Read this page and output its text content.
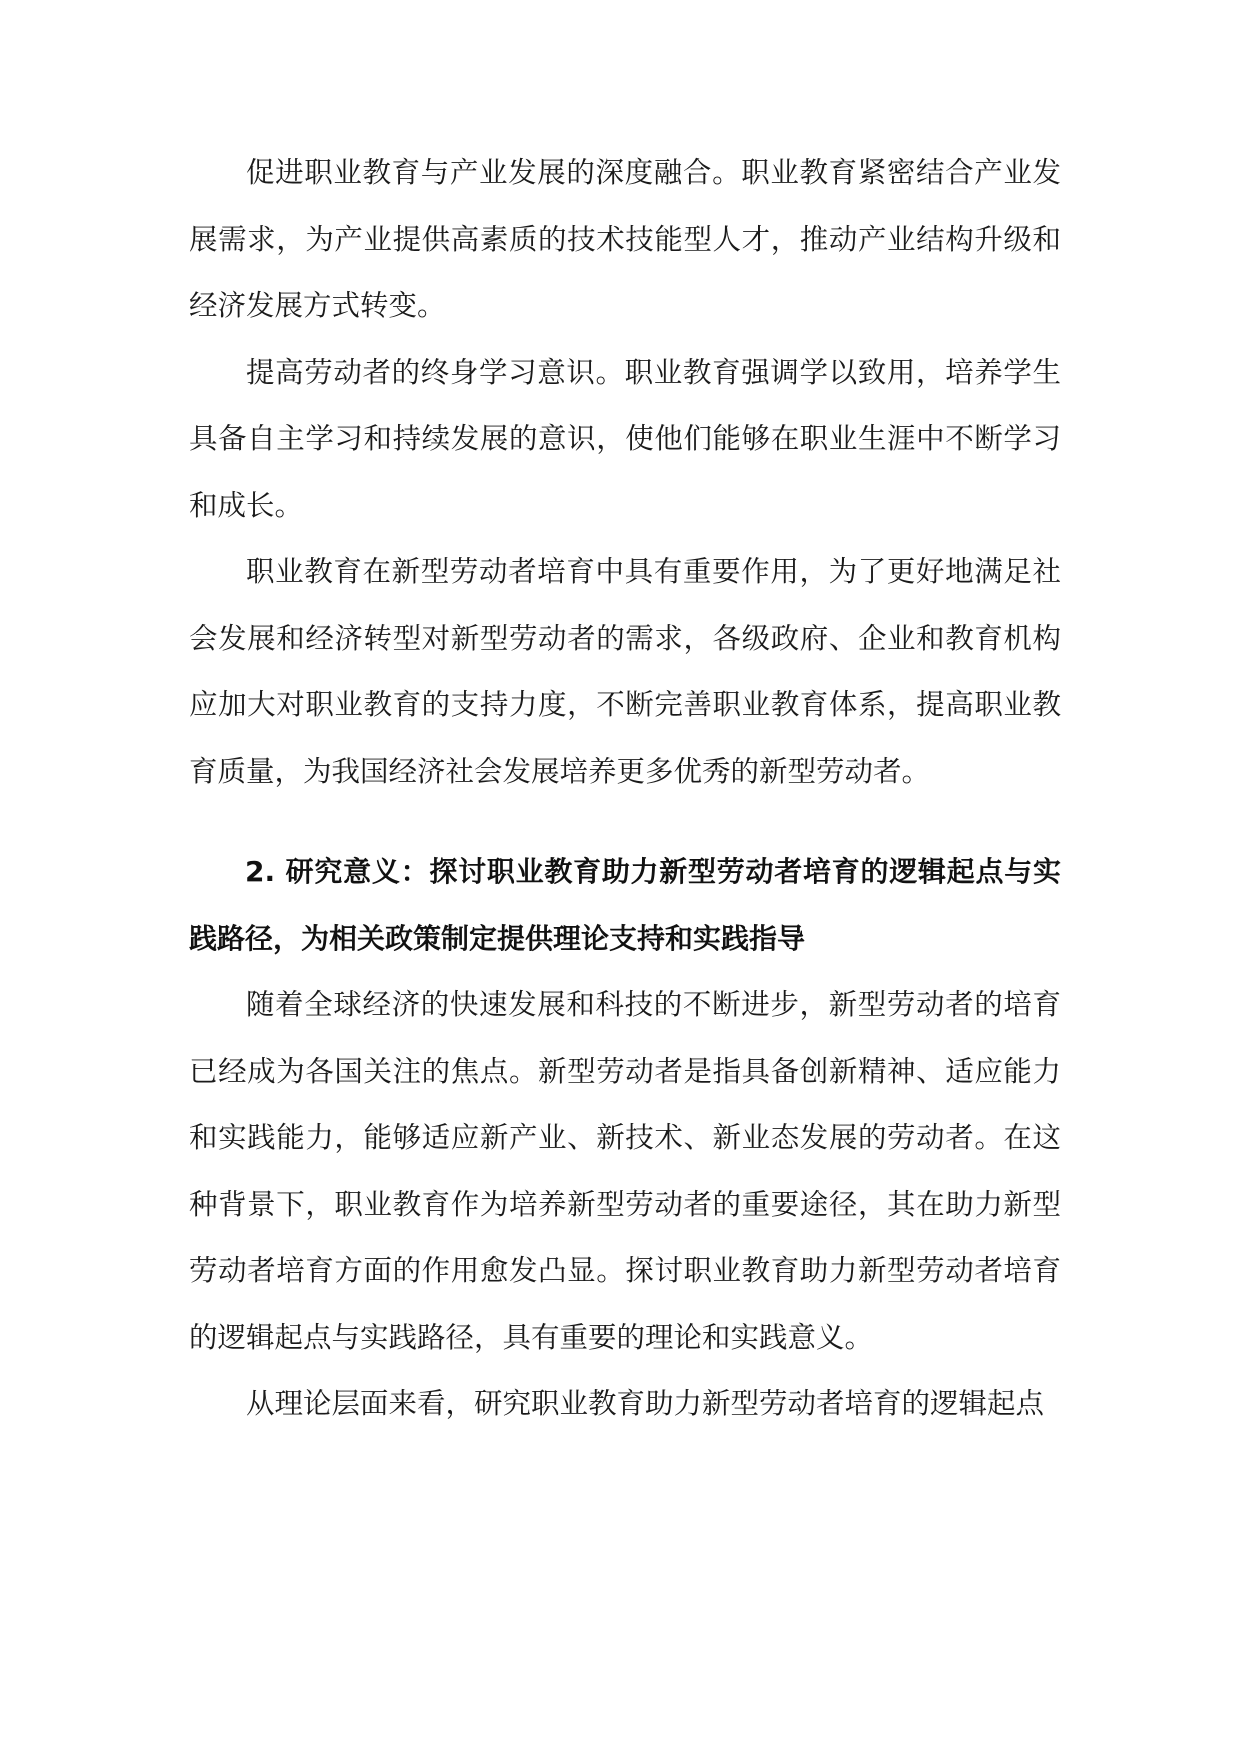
促进职业教育与产业发展的深度融合。职业教育紧密结合产业发展需求，为产业提供高素质的技术技能型人才，推动产业结构升级和经济发展方式转变。

提高劳动者的终身学习意识。职业教育强调学以致用，培养学生具备自主学习和持续发展的意识，使他们能够在职业生涯中不断学习和成长。

职业教育在新型劳动者培育中具有重要作用，为了更好地满足社会发展和经济转型对新型劳动者的需求，各级政府、企业和教育机构应加大对职业教育的支持力度，不断完善职业教育体系，提高职业教育质量，为我国经济社会发展培养更多优秀的新型劳动者。

2. 研究意义：探讨职业教育助力新型劳动者培育的逻辑起点与实践路径，为相关政策制定提供理论支持和实践指导

随着全球经济的快速发展和科技的不断进步，新型劳动者的培育已经成为各国关注的焦点。新型劳动者是指具备创新精神、适应能力和实践能力，能够适应新产业、新技术、新业态发展的劳动者。在这种背景下，职业教育作为培养新型劳动者的重要途径，其在助力新型劳动者培育方面的作用愈发凸显。探讨职业教育助力新型劳动者培育的逻辑起点与实践路径，具有重要的理论和实践意义。

从理论层面来看，研究职业教育助力新型劳动者培育的逻辑起点
